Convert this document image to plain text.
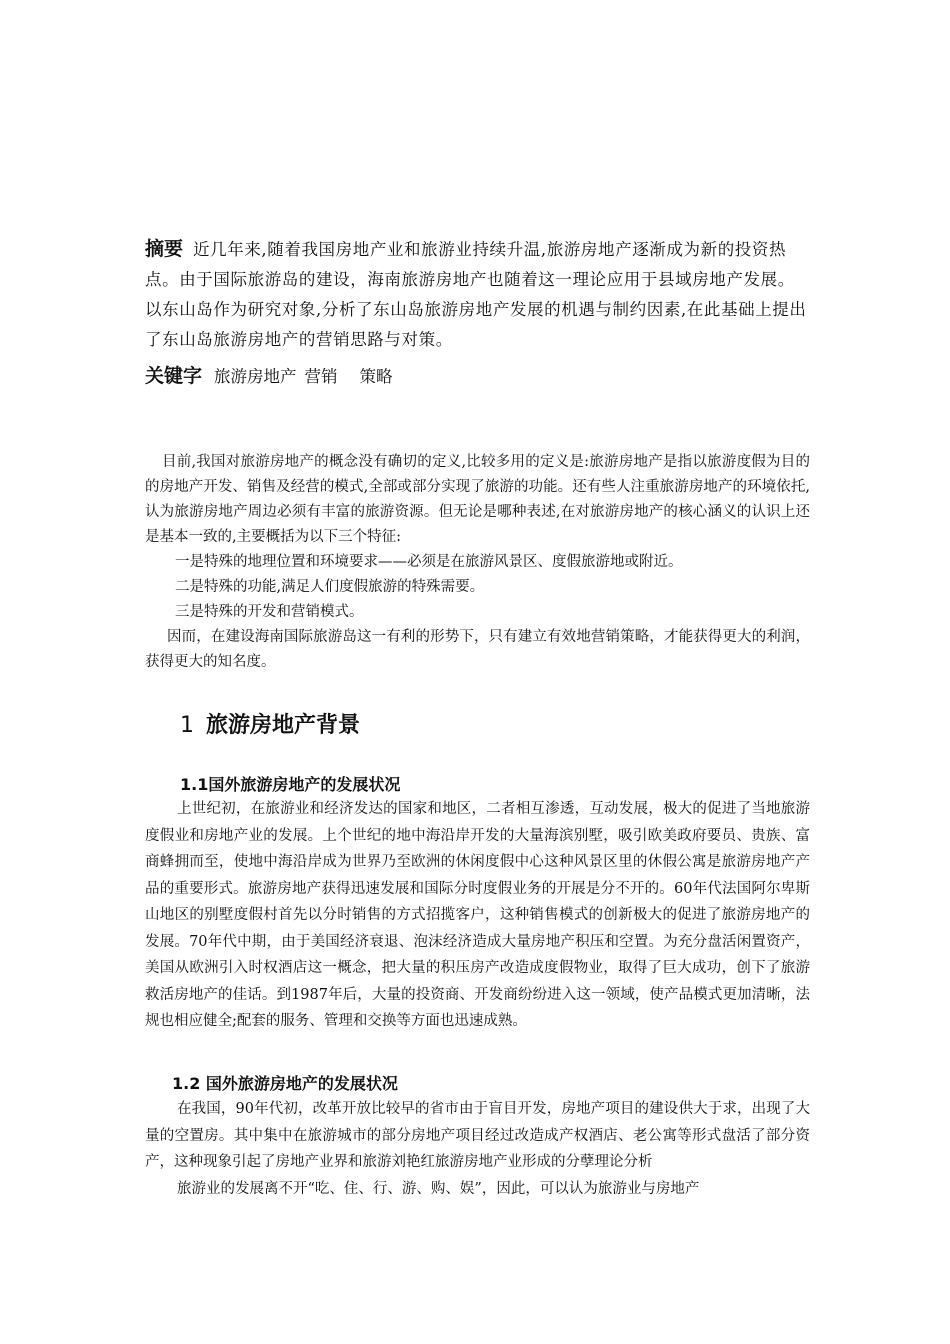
摘要 近几年来,随着我国房地产业和旅游业持续升温,旅游房地产逐渐成为新的投资热点。由于国际旅游岛的建设，海南旅游房地产也随着这一理论应用于县域房地产发展。以东山岛作为研究对象,分析了东山岛旅游房地产发展的机遇与制约因素,在此基础上提出了东山岛旅游房地产的营销思路与对策。
关键字 旅游房地产 营销 策略

目前,我国对旅游房地产的概念没有确切的定义,比较多用的定义是:旅游房地产是指以旅游度假为目的的房地产开发、销售及经营的模式,全部或部分实现了旅游的功能。还有些人注重旅游房地产的环境依托,认为旅游房地产周边必须有丰富的旅游资源。但无论是哪种表述,在对旅游房地产的核心涵义的认识上还是基本一致的,主要概括为以下三个特征:

一是特殊的地理位置和环境要求——必须是在旅游风景区、度假旅游地或附近。

二是特殊的功能,满足人们度假旅游的特殊需要。

三是特殊的开发和营销模式。

因而，在建设海南国际旅游岛这一有利的形势下，只有建立有效地营销策略，才能获得更大的利润，获得更大的知名度。

1 旅游房地产背景
1.1国外旅游房地产的发展状况

上世纪初，在旅游业和经济发达的国家和地区，二者相互渗透，互动发展，极大的促进了当地旅游度假业和房地产业的发展。上个世纪的地中海沿岸开发的大量海滨别墅，吸引欧美政府要员、贵族、富商蜂拥而至，使地中海沿岸成为世界乃至欧洲的休闲度假中心这种风景区里的休假公寓是旅游房地产产品的重要形式。旅游房地产获得迅速发展和国际分时度假业务的开展是分不开的。60年代法国阿尔卑斯山地区的别墅度假村首先以分时销售的方式招揽客户，这种销售模式的创新极大的促进了旅游房地产的发展。70年代中期，由于美国经济衰退、泡沫经济造成大量房地产积压和空置。为充分盘活闲置资产，美国从欧洲引入时权酒店这一概念，把大量的积压房产改造成度假物业，取得了巨大成功，创下了旅游救活房地产的佳话。到1987年后，大量的投资商、开发商纷纷进入这一领域，使产品模式更加清晰，法规也相应健全;配套的服务、管理和交换等方面也迅速成熟。

1.2 国外旅游房地产的发展状况

在我国，90年代初，改革开放比较早的省市由于盲目开发，房地产项目的建设供大于求，出现了大量的空置房。其中集中在旅游城市的部分房地产项目经过改造成产权酒店、老公寓等形式盘活了部分资产，这种现象引起了房地产业界和旅游刘艳红旅游房地产业形成的分孽理论分析

旅游业的发展离不开“吃、住、行、游、购、娱”，因此，可以认为旅游业与房地产
